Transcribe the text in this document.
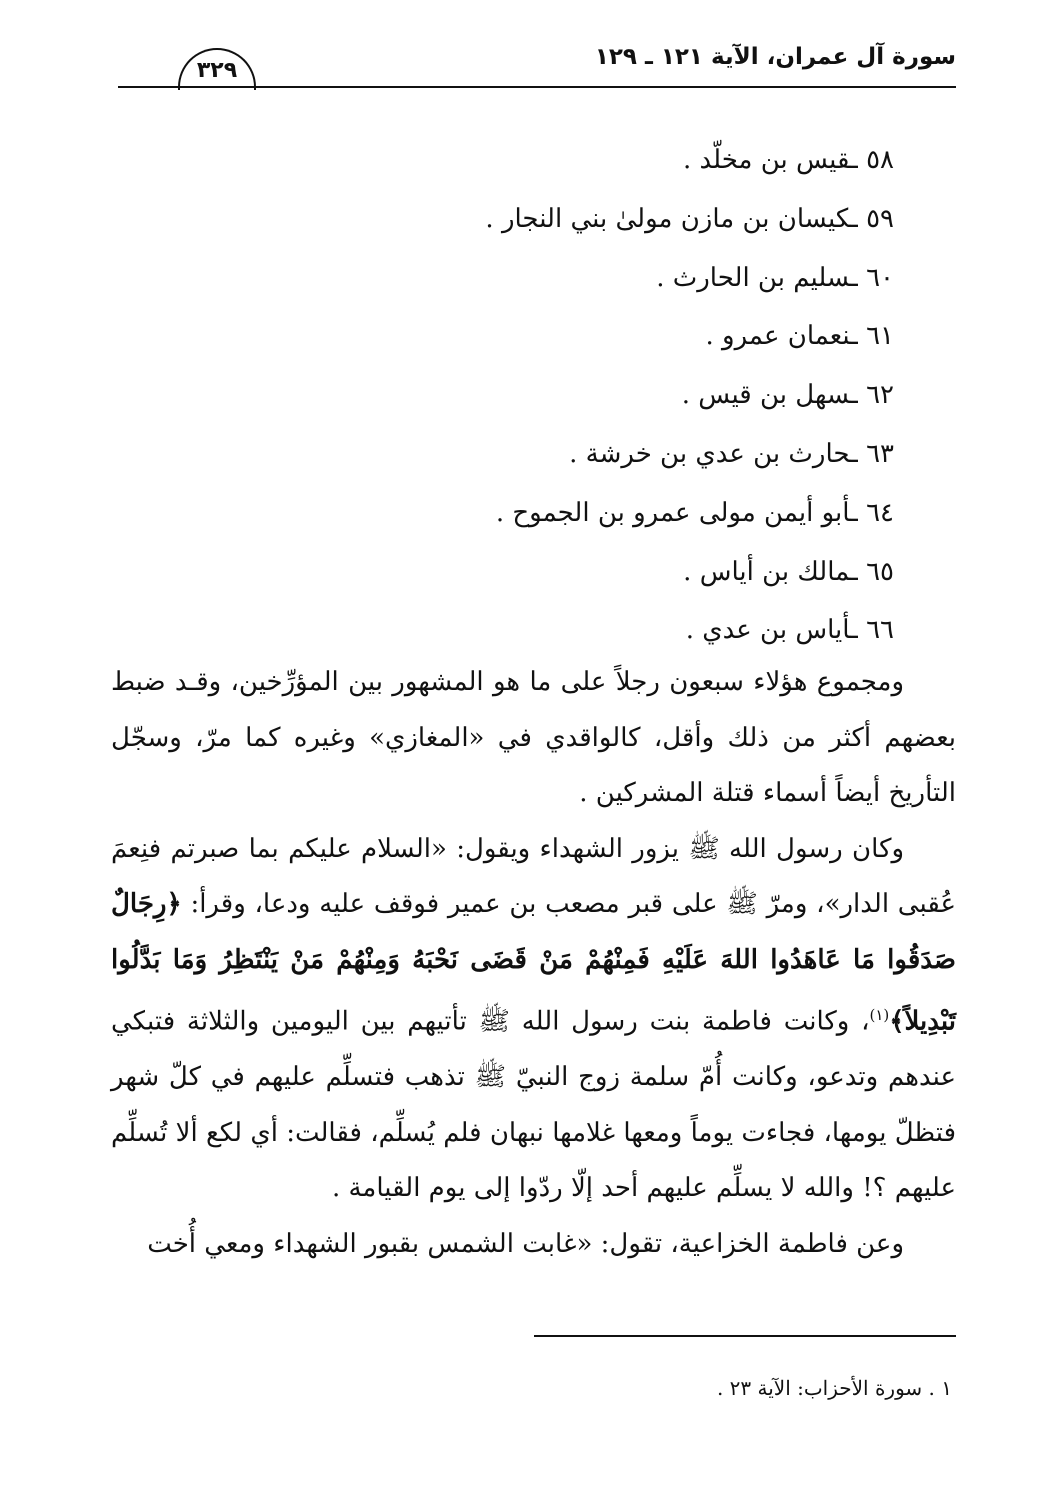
سورة آل عمران، الآية ١٢١ ـ ١٢٩
٣٢٩
٥٨ ـقيس بن مخلّد .
٥٩ ـكيسان بن مازن مولىٰ بني النجار .
٦٠ ـسليم بن الحارث .
٦١ ـنعمان عمرو .
٦٢ ـسهل بن قيس .
٦٣ ـحارث بن عدي بن خرشة .
٦٤ ـأبو أيمن مولى عمرو بن الجموح .
٦٥ ـمالك بن أياس .
٦٦ ـأياس بن عدي .

ومجموع هؤلاء سبعون رجلاً على ما هو المشهور بين المؤرِّخين، وقـد ضبط بعضهم أكثر من ذلك وأقل، كالواقدي في «المغازي» وغيره كما مرّ، وسجّل التأريخ أيضاً أسماء قتلة المشركين .

وكان رسول الله ﷺ يزور الشهداء ويقول: «السلام عليكم بما صبرتم فنِعمَ عُقبى الدار»، ومرّ ﷺ على قبر مصعب بن عمير فوقف عليه ودعا، وقرأ: ﴿رِجَالٌ صَدَقُوا مَا عَاهَدُوا اللهَ عَلَيْهِ فَمِنْهُمْ مَنْ قَضَى نَحْبَهُ وَمِنْهُمْ مَنْ يَنْتَظِرُ وَمَا بَدَّلُوا تَبْدِيلاً﴾$^{(١)}$، وكانت فاطمة بنت رسول الله ﷺ تأتيهم بين اليومين والثلاثة فتبكي عندهم وتدعو، وكانت أُمّ سلمة زوج النبيّ ﷺ تذهب فتسلِّم عليهم في كلّ شهر فتظلّ يومها، فجاءت يوماً ومعها غلامها نبهان فلم يُسلِّم، فقالت: أي لكع ألا تُسلِّم عليهم ؟! والله لا يسلِّم عليهم أحد إلّا ردّوا إلى يوم القيامة .

وعن فاطمة الخزاعية، تقول: «غابت الشمس بقبور الشهداء ومعي أُخت

١ . سورة الأحزاب: الآية ٢٣ .
